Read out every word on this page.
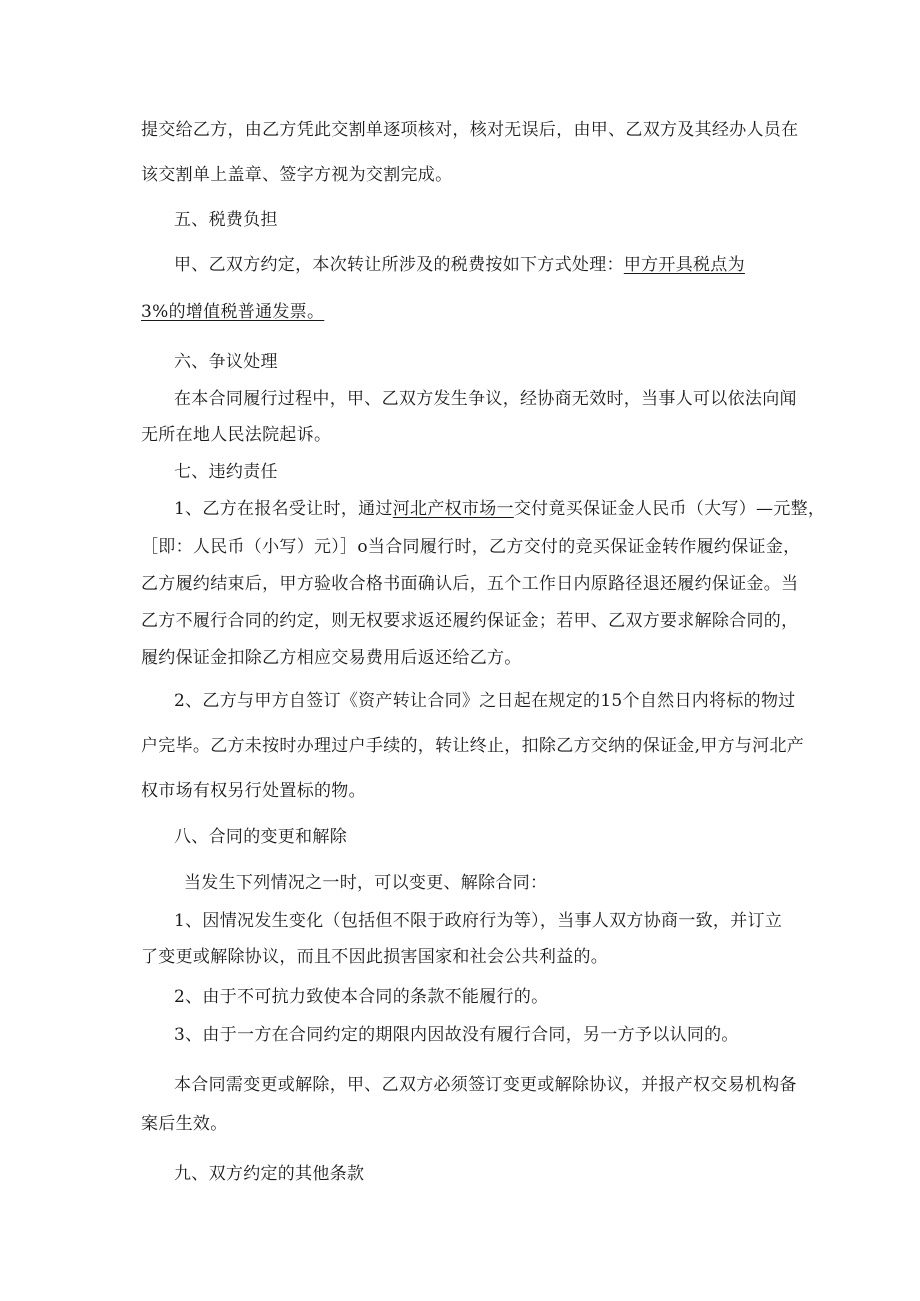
提交给乙方，由乙方凭此交割单逐项核对，核对无误后，由甲、乙双方及其经办人员在
该交割单上盖章、签字方视为交割完成。
五、税费负担
甲、乙双方约定，本次转让所涉及的税费按如下方式处理：甲方开具税点为
3%的增值税普通发票。
六、争议处理
在本合同履行过程中，甲、乙双方发生争议，经协商无效时，当事人可以依法向闻
无所在地人民法院起诉。
七、违约责任
1、乙方在报名受让时，通过河北产权市场一交付竟买保证金人民币（大写）—元整，
［即：人民币（小写）元）］o当合同履行时，乙方交付的竞买保证金转作履约保证金，
乙方履约结束后，甲方验收合格书面确认后，五个工作日内原路径退还履约保证金。当
乙方不履行合同的约定，则无权要求返还履约保证金；若甲、乙双方要求解除合同的，
履约保证金扣除乙方相应交易费用后返还给乙方。
2、乙方与甲方自签订《资产转让合同》之日起在规定的15个自然日内将标的物过
户完毕。乙方未按时办理过户手续的，转让终止，扣除乙方交纳的保证金,甲方与河北产
权市场有权另行处置标的物。
八、合同的变更和解除
当发生下列情况之一时，可以变更、解除合同：
1、因情况发生变化（包括但不限于政府行为等），当事人双方协商一致，并订立
了变更或解除协议，而且不因此损害国家和社会公共利益的。
2、由于不可抗力致使本合同的条款不能履行的。
3、由于一方在合同约定的期限内因故没有履行合同，另一方予以认同的。
本合同需变更或解除，甲、乙双方必须签订变更或解除协议，并报产权交易机构备
案后生效。
九、双方约定的其他条款
